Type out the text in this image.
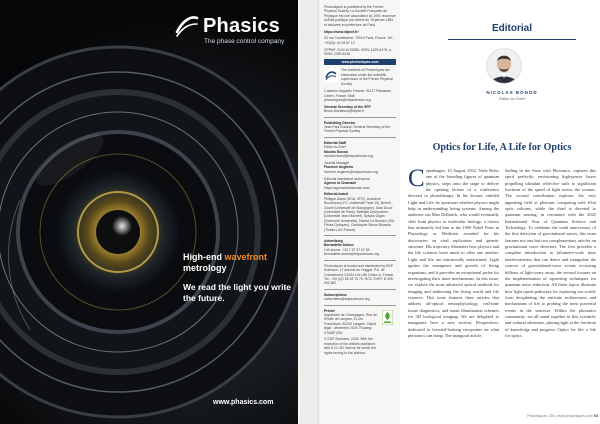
Phasics
The phase control company
High-end wavefront
metrology
We read the light you write the future.
www.phasics.com

Photoniques is published by the French Physical Society. La Société Française de Physique est une association loi 1901 reconnue d'utilité publique par décret du 15 janvier 1881 et déclarée en préfecture de Paris.

https://www.sfpnet.fr/

33 rue Croulebarbe, 75013 Paris, France. Tel.: +33(0)1 44 08 67 10

CPPAP: 0124 W 93286. ISSN: 1629-4475, e-ISSN: 2269-8418

www.photoniques.com
The contents of Photoniques are elaborated under the scientific supervision of the French Physical Society.

2 avenue Augustin Fresnel, 91127 Palaiseau Cedex, France. Mail: photoniques@edpsciences.org

General Secretary of the SFP
Bruno Adolfsson@sfpnet.fr

Publishing Director
Jean-Paul Duraud, General Secretary of the French Physical Society

Editorial Staff
Editor-in-Chief
Nicolas Bonod
nicolas.bonod@edpsciences.org

Journal Manager
Florence Anglézio
florence.anglezio@edpsciences.org

Editorial secretariat and layout
Agence la Chamade
https://agencelachamade.com/

Editorial board
Philippe Adam (DGA, SFO), Azzedine Boudrioua (LPL, Université Paris 13), Benoît Cluzel (Université de Bourgogne), Sara Ducci (Université de Paris), Nathalie Destouches (Université Jean Monnet), Sylvain Gigan (Sorbonne Université), Patrice Le Boudec (IDIL Fibres Optiques), Christophe Simon-Boisson (Thales LAS France)

Advertising
Bernadette Dufour
Cell phone: +33 7 87 57 07 59
bernadette.dufour@edpsciences.org

Photoniques is hosted and distributed by EDP Sciences, 17 avenue du Hoggar, P.A. de Courtaboeuf, 91944 Les Ulis Cedex A, France. Tel.: +33 (0)1 69 18 75 75. RCS: EVRY B 308 392 687

Subscriptions
subscribers@edpsciences.org

Printer
Imprimerie de Champagne, Rue de l'Étoile de Langres, ZI Les Franchises, 52200 Langres. Dépôt légal : décembre 2025. Routing: STAMP (95)

© EDP Sciences, 2025. With the exception of the articles published with a CC-BY license for which the rights belong to the authors.

Editorial
NICOLAS BONOD
Editor-in-Chief
Optics for Life, A Life for Optics
C openhagen, 15 August 1932. Niels Bohr, one of the founding figures of quantum physics, steps onto the stage to deliver the opening lecture of a conference devoted to phototherapy. In his lecture, entitled Light and Life, he questions whether physics might help in understanding living systems. Among the audience sits Max Delbrück, who would eventually shift from physics to molecular biology, a choice that ultimately led him to the 1969 Nobel Prize in Physiology or Medicine awarded for his discoveries on viral replication and genetic structure. His trajectory illustrates how physics and the life sciences have much to offer one another. Light and life are intrinsically intertwined. Light ignites the emergence and growth of living organisms, and it provides an exceptional probe for investigating their inner mechanisms. In this issue, we explore the most advanced optical methods for imaging and addressing the living world and life sciences. This issue features three articles that address all-optical neurophysiology, real-time tissue diagnostics, and smart illumination schemes for 3D biological imaging. We are delighted to inaugurate here a new section, Perspectives, dedicated to forward-looking viewpoints on what photonics can bring. The inaugural article,

Sailing in the Stars with Photonics, captures this spirit perfectly: envisioning high-power lasers propelling ultrathin reflective sails to significant fractions of the speed of light across the cosmos. The second contribution explores the very appealing field of photonic computing with 6-bit optic solitons, while the third is devoted to quantum sensing, in resonance with the 2025 International Year of Quantum Science and Technology. To celebrate the tenth anniversary of the first detection of gravitational waves, this issue features not one but two complementary articles on gravitational wave detectors. The first provides a complete introduction to kilometre-scale laser interferometers that can detect and triangulate the sources of gravitational-wave events occurring billions of light-years away; the second focuses on the implementation of squeezing techniques for quantum noise reduction. All these topics illustrate how light opens pathways for exploring our world: from deciphering the intricate architectures and mechanisms of life to probing the most powerful events in the universe. Within the photonics community, we all stand together in this scientific and cultural adventure, placing light at the forefront of knowledge and progress: Optics for life, a life for optics.

Photoniques 136 | www.photoniques.com 03
